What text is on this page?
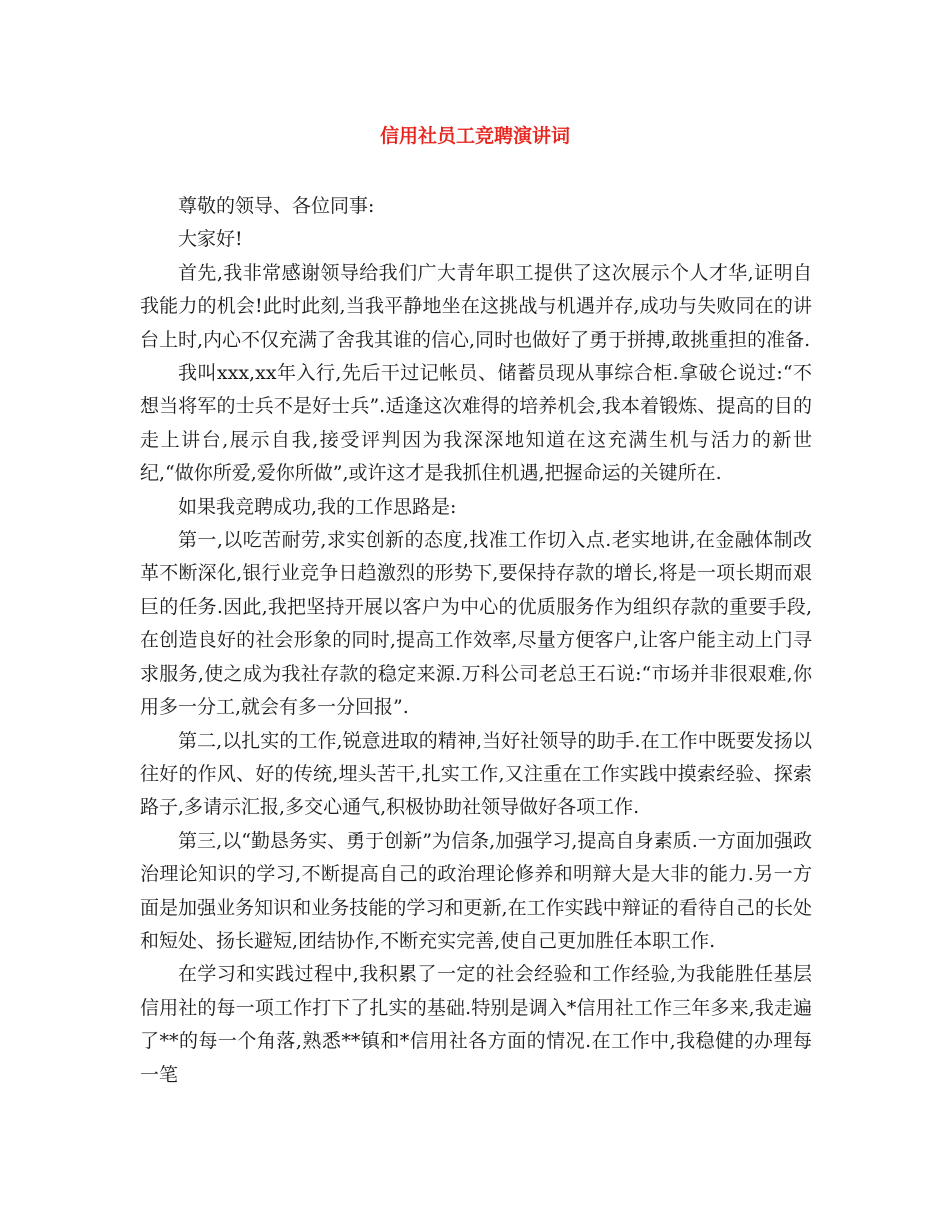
信用社员工竞聘演讲词

尊敬的领导、各位同事:

大家好!

首先,我非常感谢领导给我们广大青年职工提供了这次展示个人才华,证明自我能力的机会!此时此刻,当我平静地坐在这挑战与机遇并存,成功与失败同在的讲台上时,内心不仅充满了舍我其谁的信心,同时也做好了勇于拼搏,敢挑重担的准备.

我叫xxx,xx年入行,先后干过记帐员、储蓄员现从事综合柜.拿破仑说过:“不想当将军的士兵不是好士兵”.适逢这次难得的培养机会,我本着锻炼、提高的目的走上讲台,展示自我,接受评判因为我深深地知道在这充满生机与活力的新世纪,“做你所爱,爱你所做”,或许这才是我抓住机遇,把握命运的关键所在.

如果我竞聘成功,我的工作思路是:

第一,以吃苦耐劳,求实创新的态度,找准工作切入点.老实地讲,在金融体制改革不断深化,银行业竞争日趋激烈的形势下,要保持存款的增长,将是一项长期而艰巨的任务.因此,我把坚持开展以客户为中心的优质服务作为组织存款的重要手段,在创造良好的社会形象的同时,提高工作效率,尽量方便客户,让客户能主动上门寻求服务,使之成为我社存款的稳定来源.万科公司老总王石说:“市场并非很艰难,你用多一分工,就会有多一分回报”.

第二,以扎实的工作,锐意进取的精神,当好社领导的助手.在工作中既要发扬以往好的作风、好的传统,埋头苦干,扎实工作,又注重在工作实践中摸索经验、探索路子,多请示汇报,多交心通气,积极协助社领导做好各项工作.

第三,以“勤恳务实、勇于创新”为信条,加强学习,提高自身素质.一方面加强政治理论知识的学习,不断提高自己的政治理论修养和明辩大是大非的能力.另一方面是加强业务知识和业务技能的学习和更新,在工作实践中辩证的看待自己的长处和短处、扬长避短,团结协作,不断充实完善,使自己更加胜任本职工作.

在学习和实践过程中,我积累了一定的社会经验和工作经验,为我能胜任基层信用社的每一项工作打下了扎实的基础.特别是调入*信用社工作三年多来,我走遍了**的每一个角落,熟悉**镇和*信用社各方面的情况.在工作中,我稳健的办理每一笔
